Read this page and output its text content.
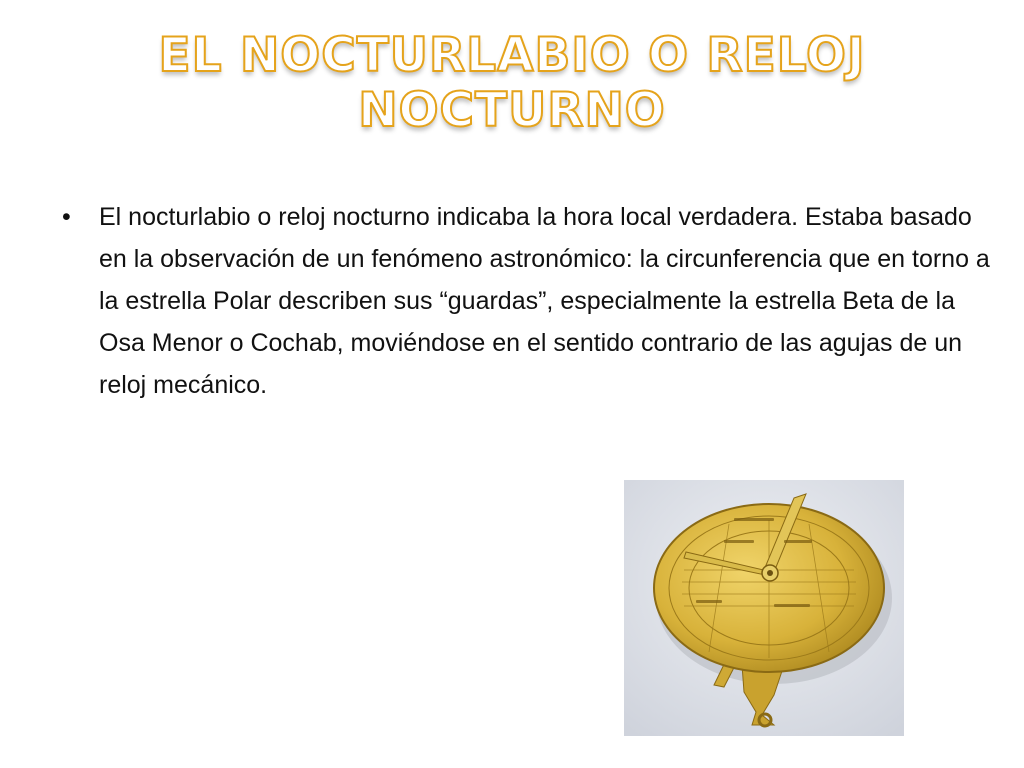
EL NOCTURLABIO O RELOJ NOCTURNO
• El nocturlabio o reloj nocturno indicaba la hora local verdadera. Estaba basado en la observación de un fenómeno astronómico: la circunferencia que en torno a la estrella Polar describen sus “guardas”, especialmente la estrella Beta de la Osa Menor o Cochab, moviéndose en el sentido contrario de las agujas de un reloj mecánico.
